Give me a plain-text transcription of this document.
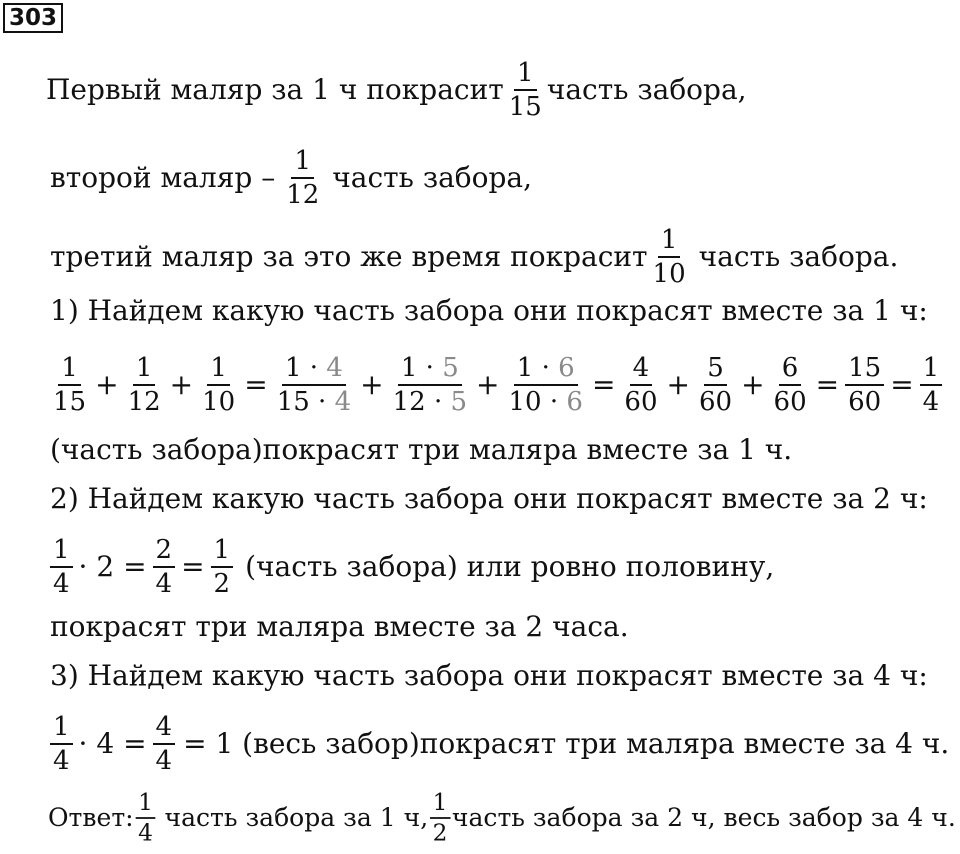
303
Первый маляр за 1 ч покрасит $\frac{1}{15}$ часть забора,
второй маляр – $\frac{1}{12}$ часть забора,
третий маляр за это же время покрасит $\frac{1}{10}$ часть забора.
1) Найдем какую часть забора они покрасят вместе за 1 ч:
$\frac{1}{15} + \frac{1}{12} + \frac{1}{10} = \frac{1 \cdot 4}{15 \cdot 4} + \frac{1 \cdot 5}{12 \cdot 5} + \frac{1 \cdot 6}{10 \cdot 6} = \frac{4}{60} + \frac{5}{60} + \frac{6}{60} = \frac{15}{60} = \frac{1}{4}$
(часть забора)покрасят три маляра вместе за 1 ч.
2) Найдем какую часть забора они покрасят вместе за 2 ч:
$\frac{1}{4} \cdot 2 = \frac{2}{4} = \frac{1}{2}$ (часть забора) или ровно половину,
покрасят три маляра вместе за 2 часа.
3) Найдем какую часть забора они покрасят вместе за 4 ч:
$\frac{1}{4} \cdot 4 = \frac{4}{4} = 1$ (весь забор)покрасят три маляра вместе за 4 ч.
Ответ: $\frac{1}{4}$ часть забора за 1 ч, $\frac{1}{2}$ часть забора за 2 ч, весь забор за 4 ч.
